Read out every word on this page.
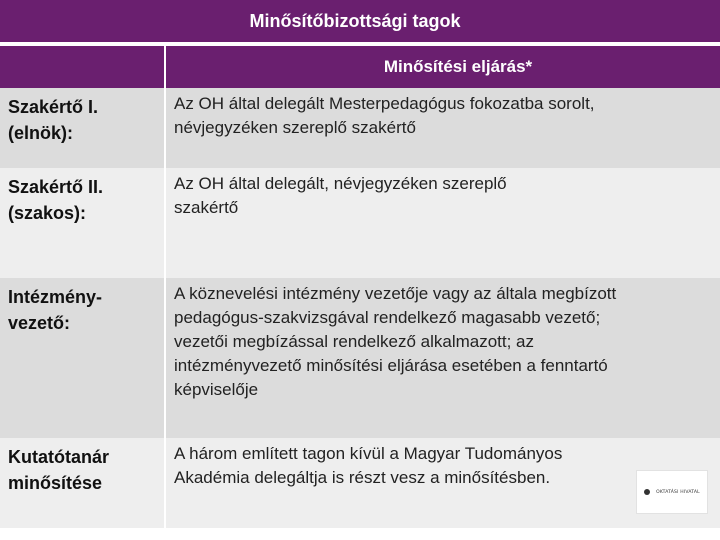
Minősítőbizottsági tagok
Minősítési eljárás*
Szakértő I.
(elnök):
Az OH által delegált Mesterpedagógus fokozatba sorolt,
névjegyzéken szereplő szakértő
Szakértő II.
(szakos):
Az OH által delegált, névjegyzéken szereplő
szakértő
Intézmény-
vezető:
A köznevelési intézmény vezetője vagy az általa megbízott
pedagógus-szakvizsgával rendelkező magasabb vezető;
vezetői megbízással rendelkező alkalmazott; az
intézményvezető minősítési eljárása esetében a fenntartó
képviselője
Kutatótanár
minősítése
A három említett tagon kívül a Magyar Tudományos
Akadémia delegáltja is részt vesz a minősítésben.
OKTATÁSI HIVATAL
